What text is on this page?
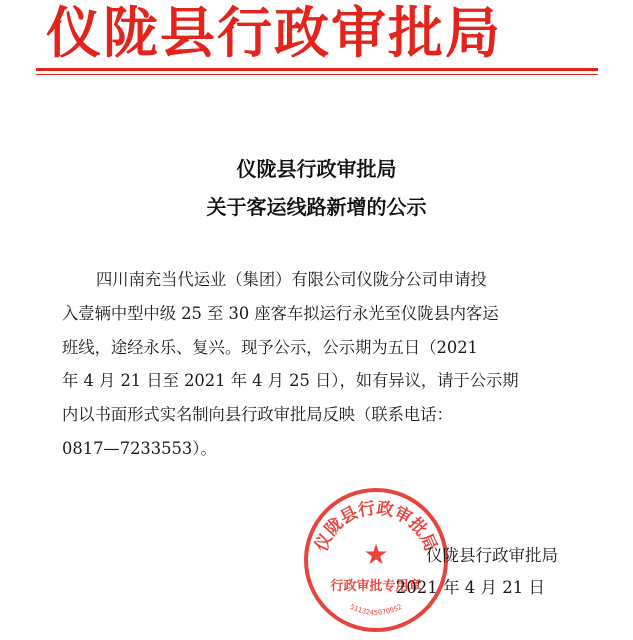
仪陇县行政审批局
仪陇县行政审批局
关于客运线路新增的公示
四川南充当代运业（集团）有限公司仪陇分公司申请投
入壹辆中型中级 25 至 30 座客车拟运行永光至仪陇县内客运
班线，途经永乐、复兴。现予公示，公示期为五日（2021
年 4 月 21 日至 2021 年 4 月 25 日），如有异议，请于公示期
内以书面形式实名制向县行政审批局反映（联系电话：
0817—7233553）。
仪陇县行政审批局
★
行政审批专用章
5113245070952
仪陇县行政审批局
2021 年 4 月 21 日
